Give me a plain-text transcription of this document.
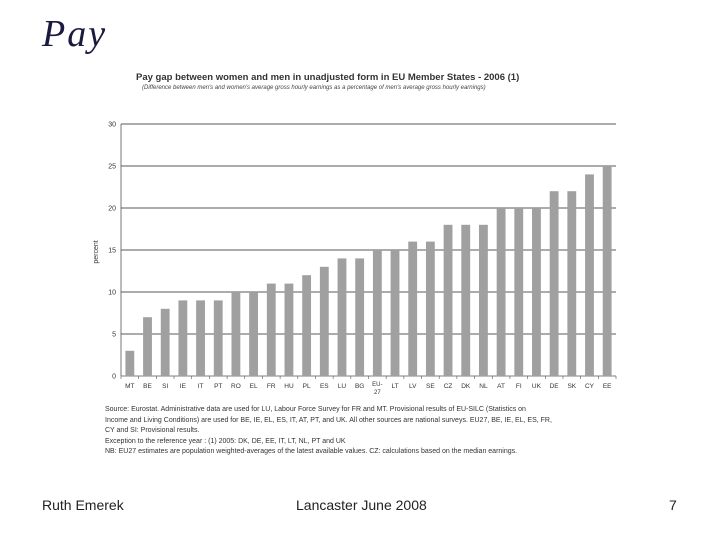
Pay
Pay gap between women and men in unadjusted form in EU Member States - 2006 (1)
(Difference between men's and women's average gross hourly earnings as a percentage of men's average gross hourly earnings)
0
5
10
15
20
25
30
MT BE SI IE IT PT RO EL FR HU PL ES LU BG EU-
27
LT LV SE CZ DK NL AT FI UK DE SK CY EE
percent

Source: Eurostat. Administrative data are used for LU, Labour Force Survey for FR and MT. Provisional results of EU-SILC (Statistics on

Income and Living Conditions) are used for BE, IE, EL, ES, IT, AT, PT, and UK. All other sources are national surveys. EU27, BE, IE, EL, ES, FR,

CY and SI: Provisional results.

Exception to the reference year : (1) 2005: DK, DE, EE, IT, LT, NL, PT and UK

NB: EU27 estimates are population weighted-averages of the latest available values. CZ: calculations based on the median earnings.

Ruth Emerek	Lancaster June 2008	7
